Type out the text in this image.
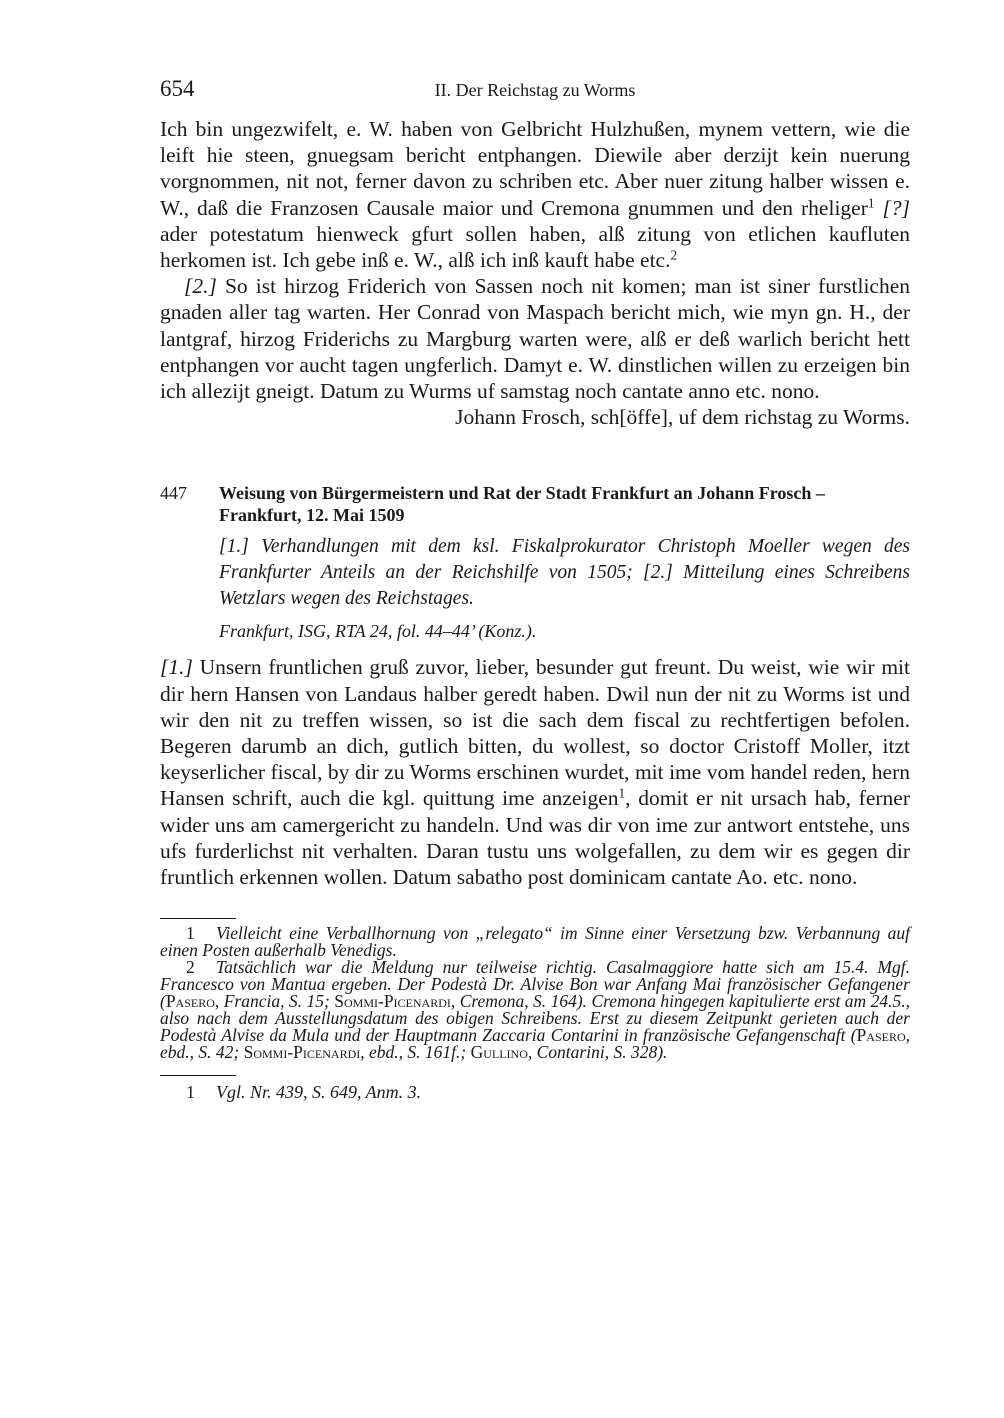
654	II. Der Reichstag zu Worms

Ich bin ungezwifelt, e. W. haben von Gelbricht Hulzhußen, mynem vettern, wie die leift hie steen, gnuegsam bericht entphangen. Diewile aber derzijt kein nuerung vorgnommen, nit not, ferner davon zu schriben etc. Aber nuer zitung halber wissen e. W., daß die Franzosen Causale maior und Cremona gnummen und den rheliger$^1$ [?] ader potestatum hienweck gfurt sollen haben, alß zitung von etlichen kaufluten herkomen ist. Ich gebe inß e. W., alß ich inß kauft habe etc.$^2$

[2.] So ist hirzog Friderich von Sassen noch nit komen; man ist siner furstlichen gnaden aller tag warten. Her Conrad von Maspach bericht mich, wie myn gn. H., der lantgraf, hirzog Friderichs zu Margburg warten were, alß er deß warlich bericht hett entphangen vor aucht tagen ungferlich. Damyt e. W. dinstlichen willen zu erzeigen bin ich allezijt gneigt. Datum zu Wurms uf samstag noch cantate anno etc. nono.

Johann Frosch, sch[öffe], uf dem richstag zu Worms.

447	Weisung von Bürgermeistern und Rat der Stadt Frankfurt an Johann Frosch – Frankfurt, 12. Mai 1509
[1.] Verhandlungen mit dem ksl. Fiskalprokurator Christoph Moeller wegen des Frankfurter Anteils an der Reichshilfe von 1505; [2.] Mitteilung eines Schreibens Wetzlars wegen des Reichstages.
Frankfurt, ISG, RTA 24, fol. 44–44’ (Konz.).

[1.] Unsern fruntlichen gruß zuvor, lieber, besunder gut freunt. Du weist, wie wir mit dir hern Hansen von Landaus halber geredt haben. Dwil nun der nit zu Worms ist und wir den nit zu treffen wissen, so ist die sach dem fiscal zu rechtfertigen befolen. Begeren darumb an dich, gutlich bitten, du wollest, so doctor Cristoff Moller, itzt keyserlicher fiscal, by dir zu Worms erschinen wurdet, mit ime vom handel reden, hern Hansen schrift, auch die kgl. quittung ime anzeigen$^1$, domit er nit ursach hab, ferner wider uns am camergericht zu handeln. Und was dir von ime zur antwort entstehe, uns ufs furderlichst nit verhalten. Daran tustu uns wolgefallen, zu dem wir es gegen dir fruntlich erkennen wollen. Datum sabatho post dominicam cantate Ao. etc. nono.

1 Vielleicht eine Verballhornung von „relegato“ im Sinne einer Versetzung bzw. Verbannung auf einen Posten außerhalb Venedigs.

2 Tatsächlich war die Meldung nur teilweise richtig. Casalmaggiore hatte sich am 15.4. Mgf. Francesco von Mantua ergeben. Der Podestà Dr. Alvise Bon war Anfang Mai französischer Gefangener (Pasero, Francia, S. 15; Sommi-Picenardi, Cremona, S. 164). Cremona hingegen kapitulierte erst am 24.5., also nach dem Ausstellungsdatum des obigen Schreibens. Erst zu diesem Zeitpunkt gerieten auch der Podestà Alvise da Mula und der Hauptmann Zaccaria Contarini in französische Gefangenschaft (Pasero, ebd., S. 42; Sommi-Picenardi, ebd., S. 161f.; Gullino, Contarini, S. 328).

1 Vgl. Nr. 439, S. 649, Anm. 3.
